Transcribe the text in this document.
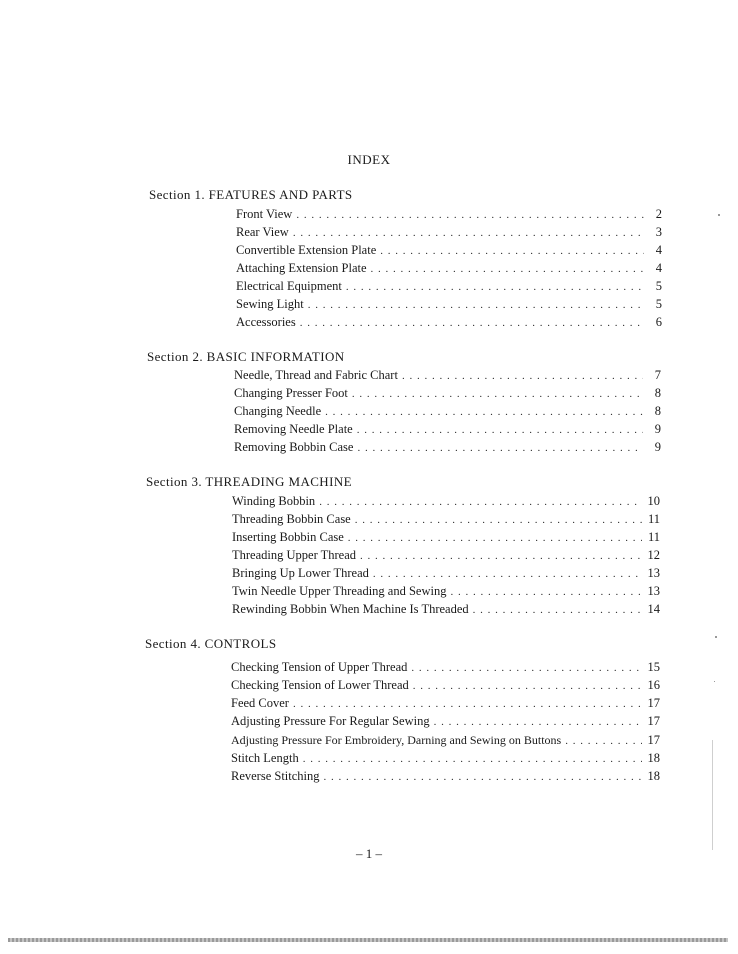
INDEX
Section 1. FEATURES AND PARTS
Front View . . .	2
Rear View . . .	3
Convertible Extension Plate . . .	4
Attaching Extension Plate . . .	4
Electrical Equipment . . .	5
Sewing Light . . .	5
Accessories . . .	6
Section 2. BASIC INFORMATION
Needle, Thread and Fabric Chart . . .	7
Changing Presser Foot . . .	8
Changing Needle . . .	8
Removing Needle Plate . . .	9
Removing Bobbin Case . . .	9
Section 3. THREADING MACHINE
Winding Bobbin . . .	10
Threading Bobbin Case . . .	11
Inserting Bobbin Case . . .	11
Threading Upper Thread . . .	12
Bringing Up Lower Thread . . .	13
Twin Needle Upper Threading and Sewing . . .	13
Rewinding Bobbin When Machine Is Threaded . . .	14
Section 4. CONTROLS
Checking Tension of Upper Thread . . .	15
Checking Tension of Lower Thread . . .	16
Feed Cover . . .	17
Adjusting Pressure For Regular Sewing . . .	17
Adjusting Pressure For Embroidery, Darning and Sewing on Buttons . . .	17
Stitch Length . . .	18
Reverse Stitching . . .	18
– 1 –
